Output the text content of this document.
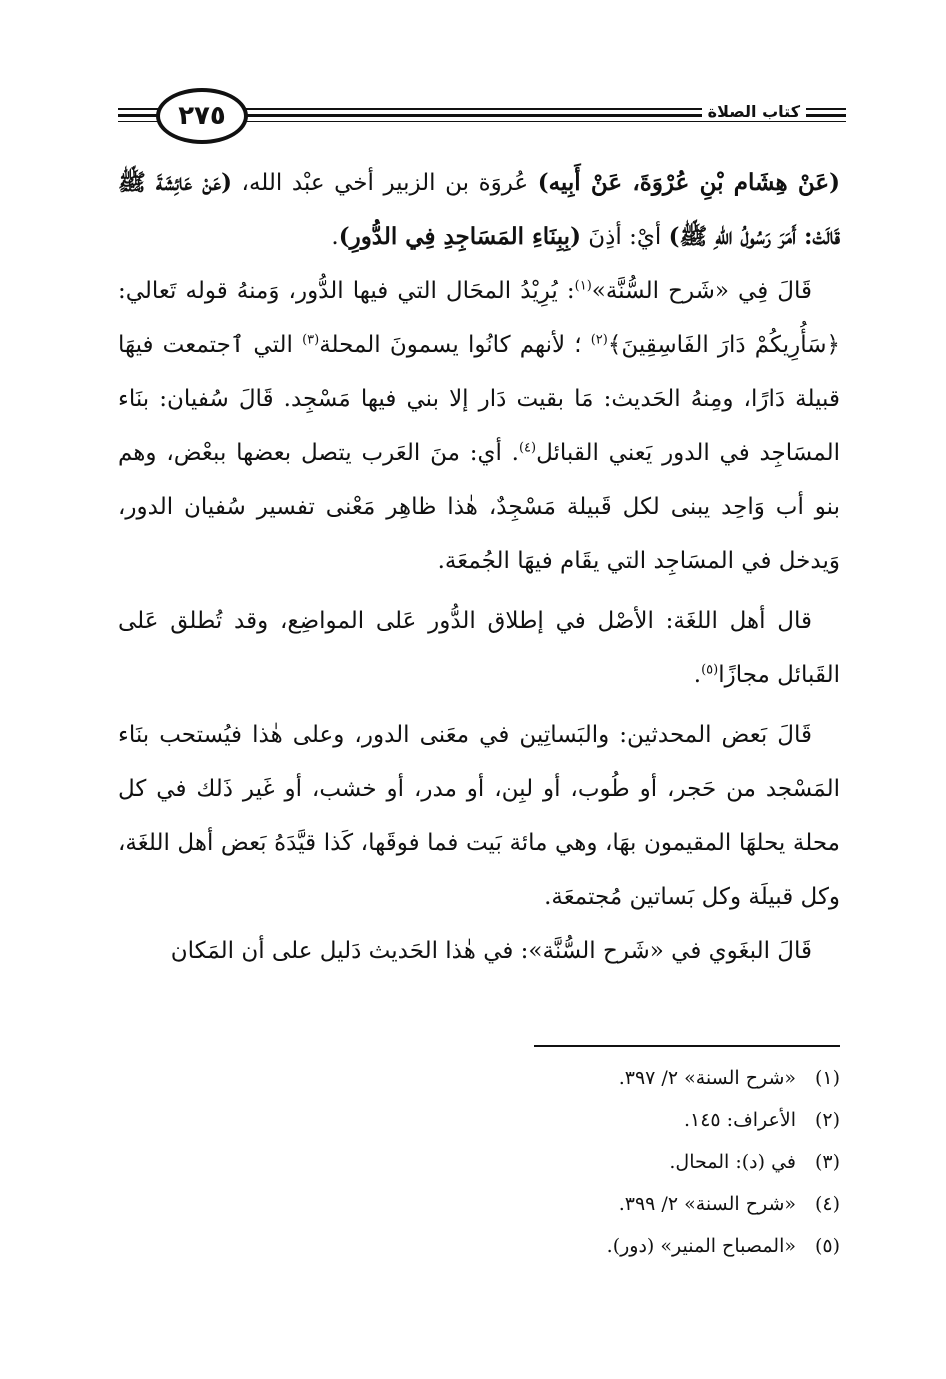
٢٧٥	كتاب الصلاة

(عَنْ هِشَام بْنِ عُرْوَةَ، عَنْ أَبِيه) عُروَة بن الزبير أخي عبْد الله، (عَنْ عَائِشَةَ ﷺ قَالَتْ: أَمَرَ رَسُولُ اللهِ ﷺ) أيْ: أذِنَ (بِبِنَاءِ المَسَاجِدِ فِي الدُّورِ).

قَالَ فِي «شَرح السُّنَّة»$^{(١)}$: يُرِيْدُ المحَال التي فيها الدُّور، وَمنهُ قوله تَعالي: ﴿سَأُرِيكُمْ دَارَ الفَاسِقِينَ﴾$^{(٢)}$ ؛ لأنهم كانُوا يسمونَ المحلة$^{(٣)}$ التي ٱجتمعت فيهَا قبيلة دَارًا، ومِنهُ الحَديث: مَا بقيت دَار إلا بني فيها مَسْجِد. قَالَ سُفيان: بنَاء المسَاجِد في الدور يَعني القبائل$^{(٤)}$. أي: منَ العَرب يتصل بعضها ببعْض، وهم بنو أب وَاحِد يبنى لكل قَبيلة مَسْجِدٌ، هٰذا ظاهِر مَعْنى تفسير سُفيان الدور، وَيدخل في المسَاجِد التي يقَام فيهَا الجُمعَة.

قال أهل اللغَة: الأصْل في إطلاق الدُّور عَلى المواضِع، وقد تُطلق عَلى القَبائل مجازًا$^{(٥)}$.

قَالَ بَعض المحدثين: والبَساتِين في معَنى الدور، وعلى هٰذا فيُستحب بنَاء المَسْجد من حَجر، أو طُوب، أو لبِن، أو مدر، أو خشب، أو غَير ذَلك في كل محلة يحلهَا المقيمون بهَا، وهي مائة بَيت فما فوقَها، كَذا قيَّدَهُ بَعض أهل اللغَة، وكل قبيلَة وكل بَساتين مُجتمعَة.

قَالَ البغَوي في «شَرح السُّنَّة»: في هٰذا الحَديث دَليل على أن المَكان

(١)«شرح السنة» ٢/ ٣٩٧.
(٢)الأعراف: ١٤٥.
(٣)في (د): المحال.
(٤)«شرح السنة» ٢/ ٣٩٩.
(٥)«المصباح المنير» (دور).
